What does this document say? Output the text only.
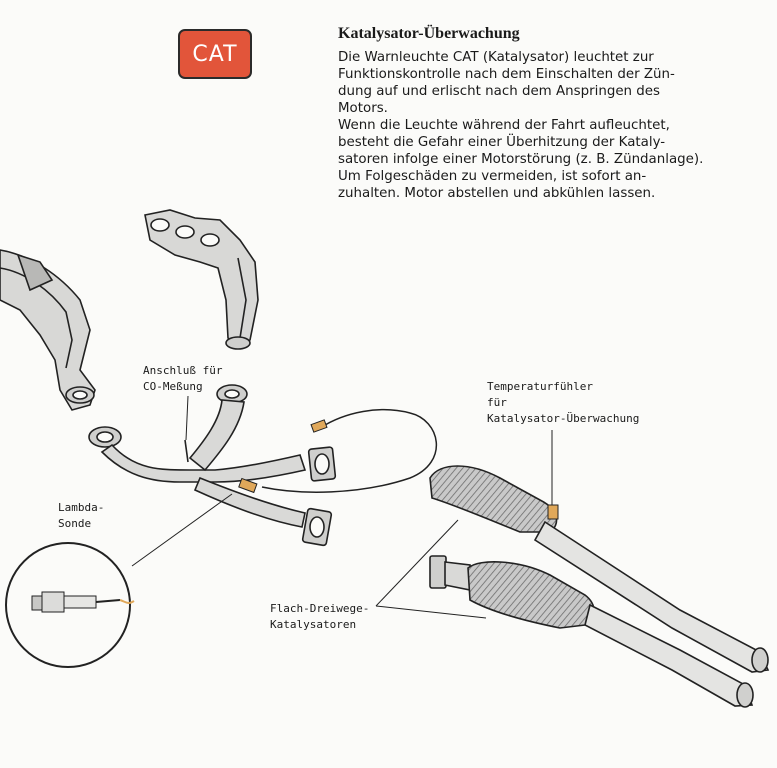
CAT
Katalysator-Überwachung
Die Warnleuchte CAT (Katalysator) leuchtet zur
Funktionskontrolle nach dem Einschalten der Zün-
dung auf und erlischt nach dem Anspringen des
Motors.
Wenn die Leuchte während der Fahrt aufleuchtet,
besteht die Gefahr einer Überhitzung der Kataly-
satoren infolge einer Motorstörung (z. B. Zündanlage).
Um Folgeschäden zu vermeiden, ist sofort an-
zuhalten. Motor abstellen und abkühlen lassen.
Anschluß für
CO-Meßung	Temperaturfühler
für
Katalysator-Überwachung
Lambda-
Sonde
Flach-Dreiwege-
Katalysatoren
